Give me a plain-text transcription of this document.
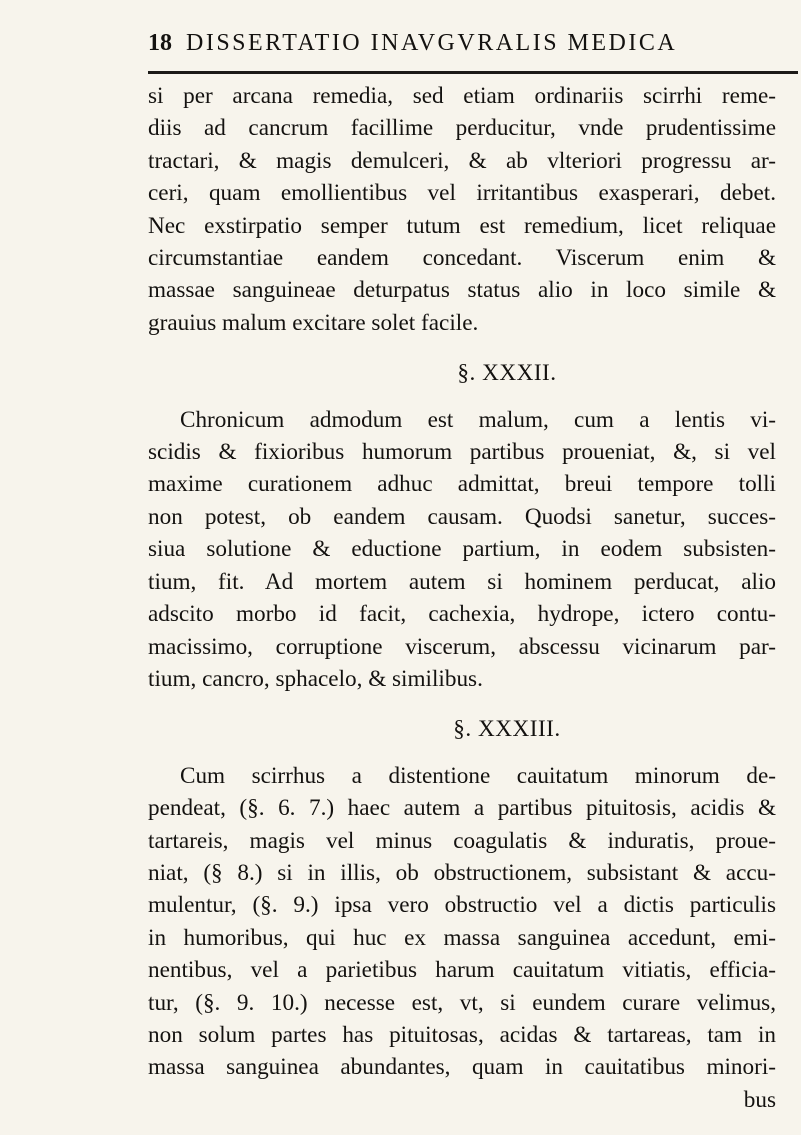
18 DISSERTATIO INAVGVRALIS MEDICA
si per arcana remedia, sed etiam ordinariis scirrhi reme-
diis ad cancrum facillime perducitur, vnde prudentissime
tractari, & magis demulceri, & ab vlteriori progressu ar-
ceri, quam emollientibus vel irritantibus exasperari, debet.
Nec exstirpatio semper tutum est remedium, licet reliquae
circumstantiae eandem concedant. Viscerum enim &
massae sanguineae deturpatus status alio in loco simile &
grauius malum excitare solet facile.
§. XXXII.
Chronicum admodum est malum, cum a lentis vi-
scidis & fixioribus humorum partibus proueniat, &, si vel
maxime curationem adhuc admittat, breui tempore tolli
non potest, ob eandem causam. Quodsi sanetur, succes-
siua solutione & eductione partium, in eodem subsisten-
tium, fit. Ad mortem autem si hominem perducat, alio
adscito morbo id facit, cachexia, hydrope, ictero contu-
macissimo, corruptione viscerum, abscessu vicinarum par-
tium, cancro, sphacelo, & similibus.
§. XXXIII.
Cum scirrhus a distentione cauitatum minorum de-
pendeat, (§. 6. 7.) haec autem a partibus pituitosis, acidis &
tartareis, magis vel minus coagulatis & induratis, proue-
niat, (§ 8.) si in illis, ob obstructionem, subsistant & accu-
mulentur, (§. 9.) ipsa vero obstructio vel a dictis particulis
in humoribus, qui huc ex massa sanguinea accedunt, emi-
nentibus, vel a parietibus harum cauitatum vitiatis, efficia-
tur, (§. 9. 10.) necesse est, vt, si eundem curare velimus,
non solum partes has pituitosas, acidas & tartareas, tam in
massa sanguinea abundantes, quam in cauitatibus minori-
bus
